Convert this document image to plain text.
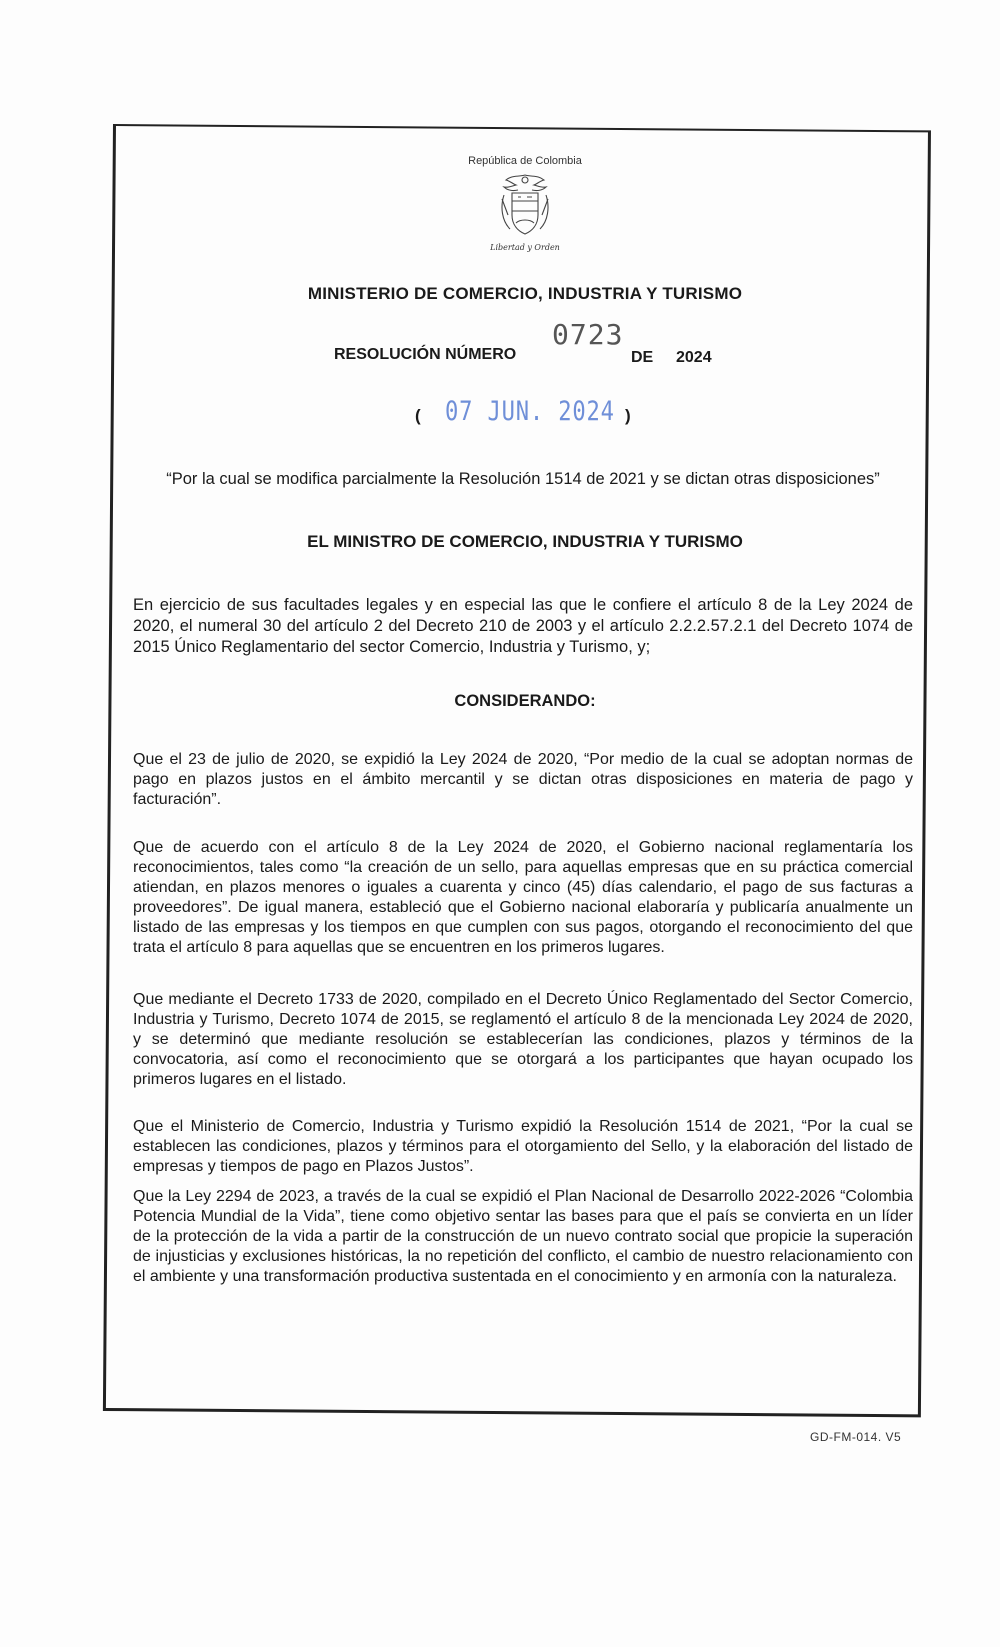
República de Colombia
Libertad y Orden
MINISTERIO DE COMERCIO, INDUSTRIA Y TURISMO
RESOLUCIÓN NÚMERO
0723
DE 2024
( 07 JUN. 2024 )
“Por la cual se modifica parcialmente la Resolución 1514 de 2021 y se dictan otras disposiciones”
EL MINISTRO DE COMERCIO, INDUSTRIA Y TURISMO
En ejercicio de sus facultades legales y en especial las que le confiere el artículo 8 de la Ley 2024 de 2020, el numeral 30 del artículo 2 del Decreto 210 de 2003 y el artículo 2.2.2.57.2.1 del Decreto 1074 de 2015 Único Reglamentario del sector Comercio, Industria y Turismo, y;
CONSIDERANDO:
Que el 23 de julio de 2020, se expidió la Ley 2024 de 2020, “Por medio de la cual se adoptan normas de pago en plazos justos en el ámbito mercantil y se dictan otras disposiciones en materia de pago y facturación”.
Que de acuerdo con el artículo 8 de la Ley 2024 de 2020, el Gobierno nacional reglamentaría los reconocimientos, tales como “la creación de un sello, para aquellas empresas que en su práctica comercial atiendan, en plazos menores o iguales a cuarenta y cinco (45) días calendario, el pago de sus facturas a proveedores”. De igual manera, estableció que el Gobierno nacional elaboraría y publicaría anualmente un listado de las empresas y los tiempos en que cumplen con sus pagos, otorgando el reconocimiento del que trata el artículo 8 para aquellas que se encuentren en los primeros lugares.
Que mediante el Decreto 1733 de 2020, compilado en el Decreto Único Reglamentado del Sector Comercio, Industria y Turismo, Decreto 1074 de 2015, se reglamentó el artículo 8 de la mencionada Ley 2024 de 2020, y se determinó que mediante resolución se establecerían las condiciones, plazos y términos de la convocatoria, así como el reconocimiento que se otorgará a los participantes que hayan ocupado los primeros lugares en el listado.
Que el Ministerio de Comercio, Industria y Turismo expidió la Resolución 1514 de 2021, “Por la cual se establecen las condiciones, plazos y términos para el otorgamiento del Sello, y la elaboración del listado de empresas y tiempos de pago en Plazos Justos”.
Que la Ley 2294 de 2023, a través de la cual se expidió el Plan Nacional de Desarrollo 2022-2026 “Colombia Potencia Mundial de la Vida”, tiene como objetivo sentar las bases para que el país se convierta en un líder de la protección de la vida a partir de la construcción de un nuevo contrato social que propicie la superación de injusticias y exclusiones históricas, la no repetición del conflicto, el cambio de nuestro relacionamiento con el ambiente y una transformación productiva sustentada en el conocimiento y en armonía con la naturaleza.
GD-FM-014. V5
